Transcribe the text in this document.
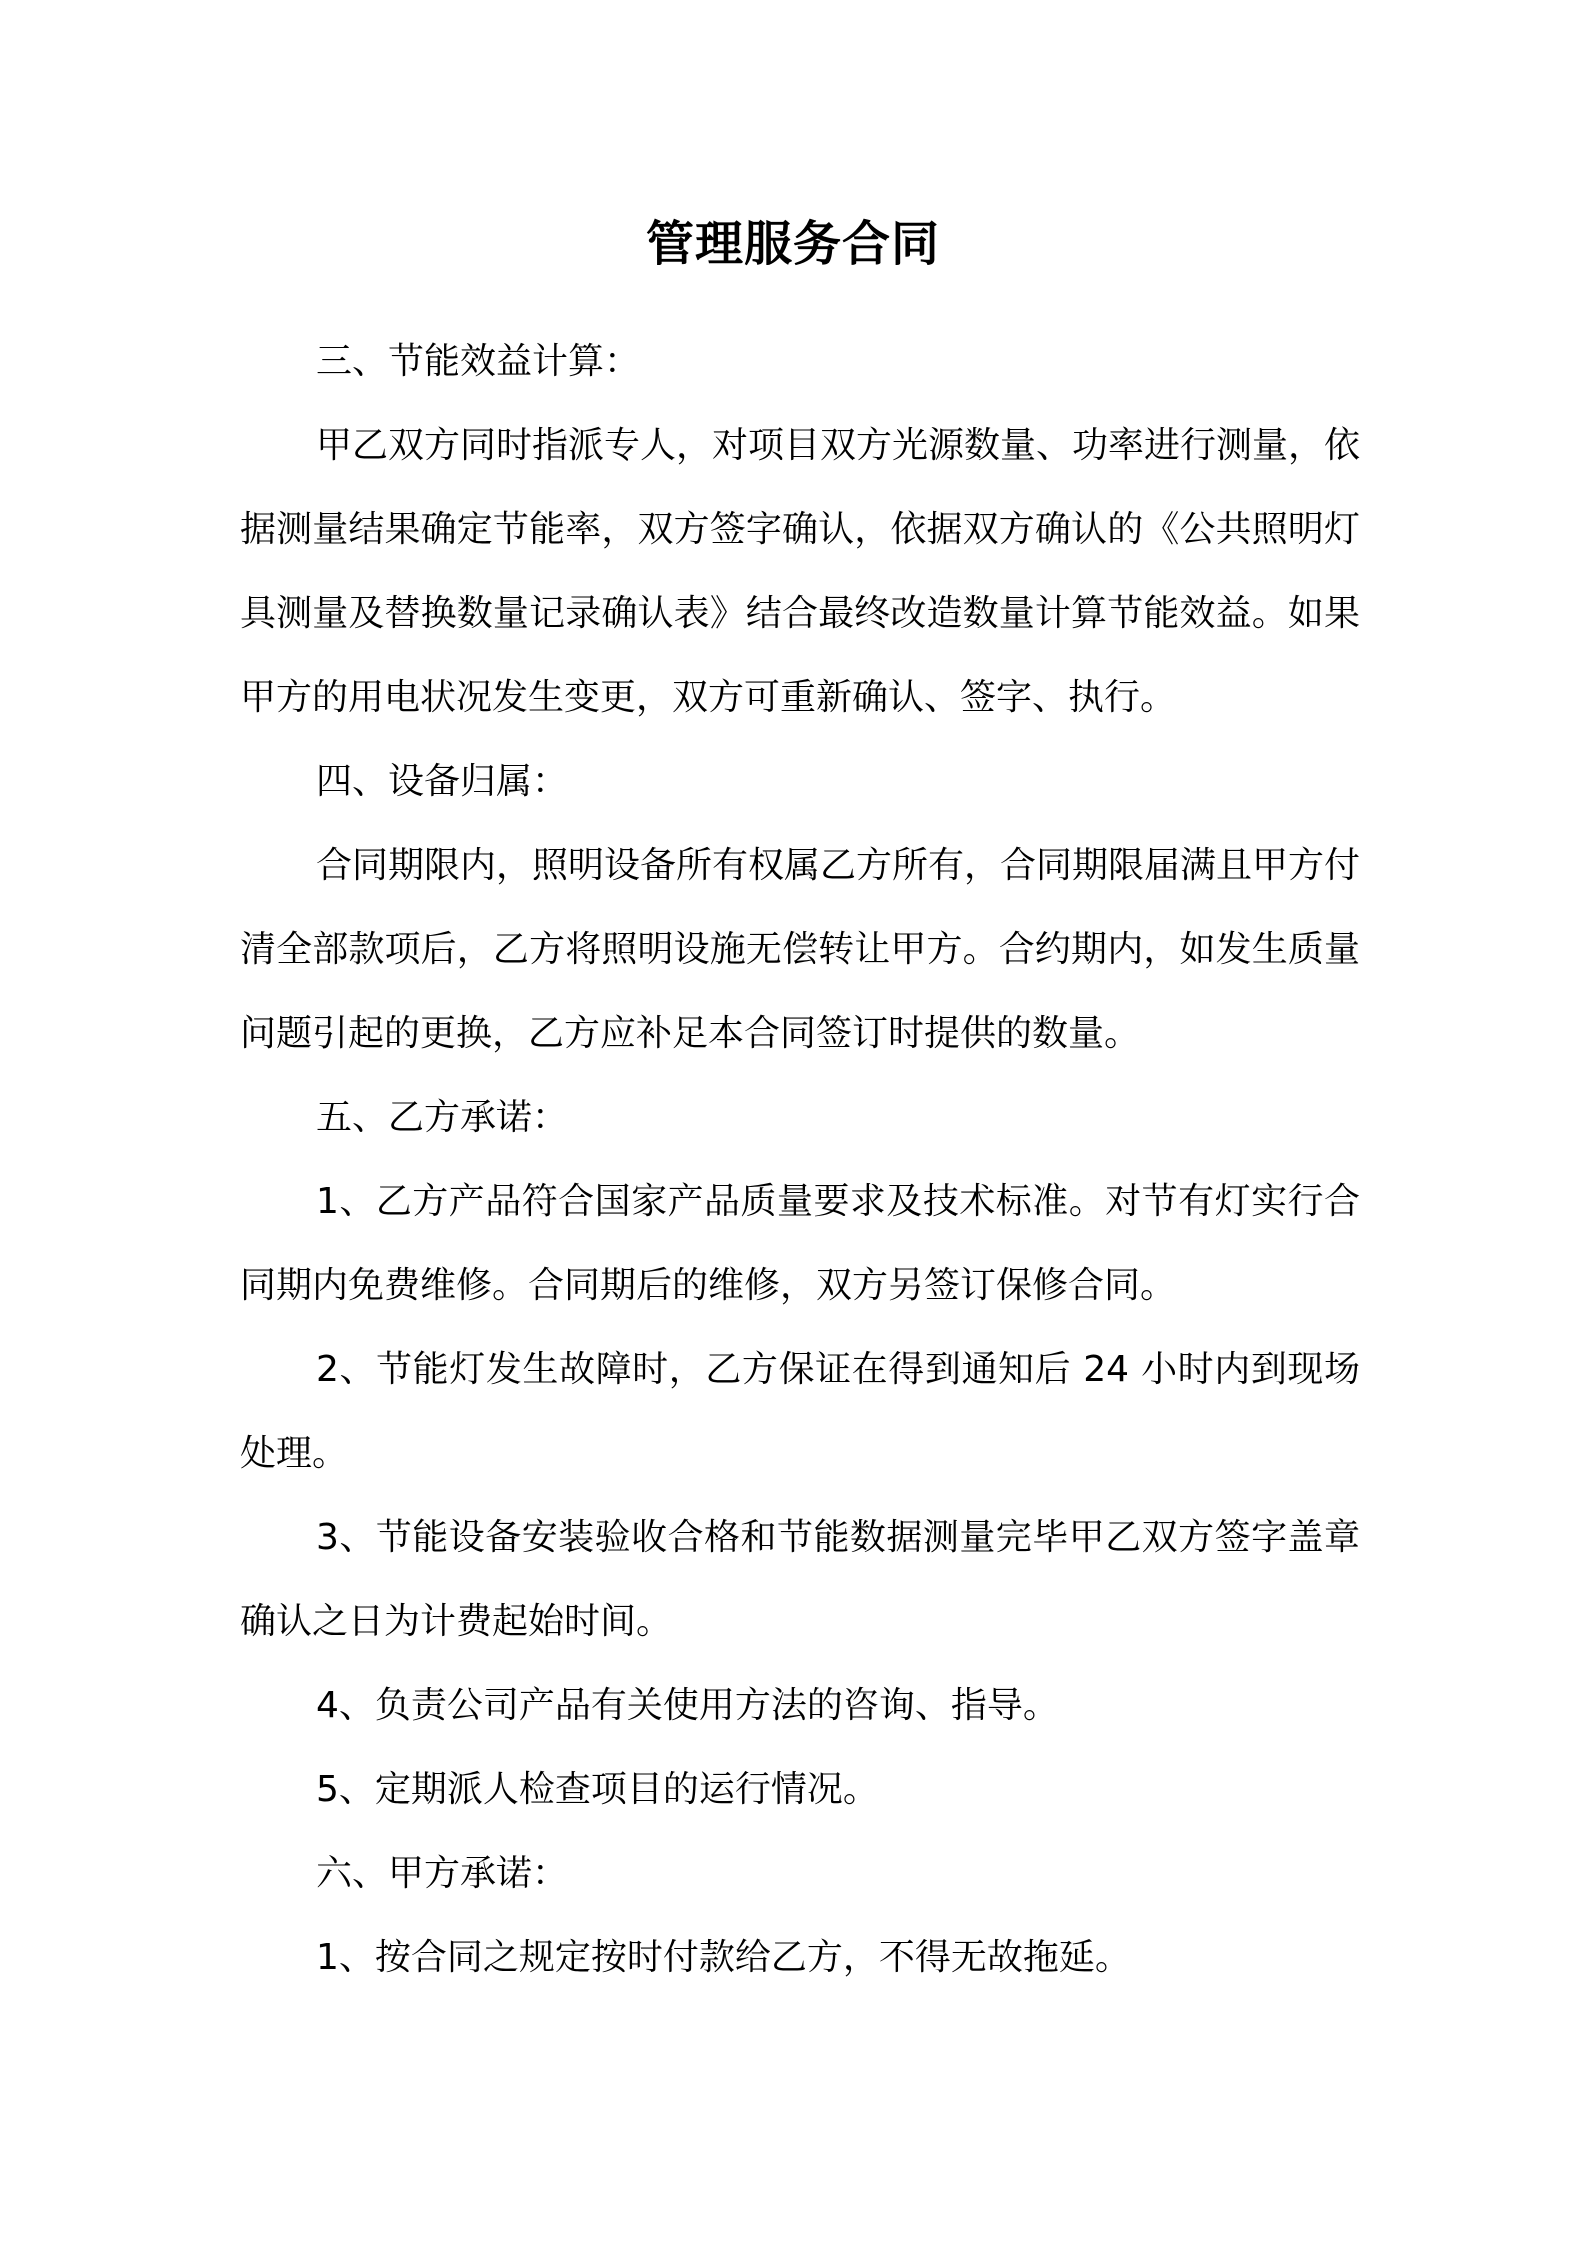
管理服务合同

三、节能效益计算：

甲乙双方同时指派专人，对项目双方光源数量、功率进行测量，依据测量结果确定节能率，双方签字确认，依据双方确认的《公共照明灯具测量及替换数量记录确认表》结合最终改造数量计算节能效益。如果甲方的用电状况发生变更，双方可重新确认、签字、执行。

四、设备归属：

合同期限内，照明设备所有权属乙方所有，合同期限届满且甲方付清全部款项后，乙方将照明设施无偿转让甲方。合约期内，如发生质量问题引起的更换，乙方应补足本合同签订时提供的数量。

五、乙方承诺：

1、乙方产品符合国家产品质量要求及技术标准。对节有灯实行合同期内免费维修。合同期后的维修，双方另签订保修合同。

2、节能灯发生故障时，乙方保证在得到通知后 24 小时内到现场处理。

3、节能设备安装验收合格和节能数据测量完毕甲乙双方签字盖章确认之日为计费起始时间。

4、负责公司产品有关使用方法的咨询、指导。

5、定期派人检查项目的运行情况。

六、甲方承诺：

1、按合同之规定按时付款给乙方，不得无故拖延。
